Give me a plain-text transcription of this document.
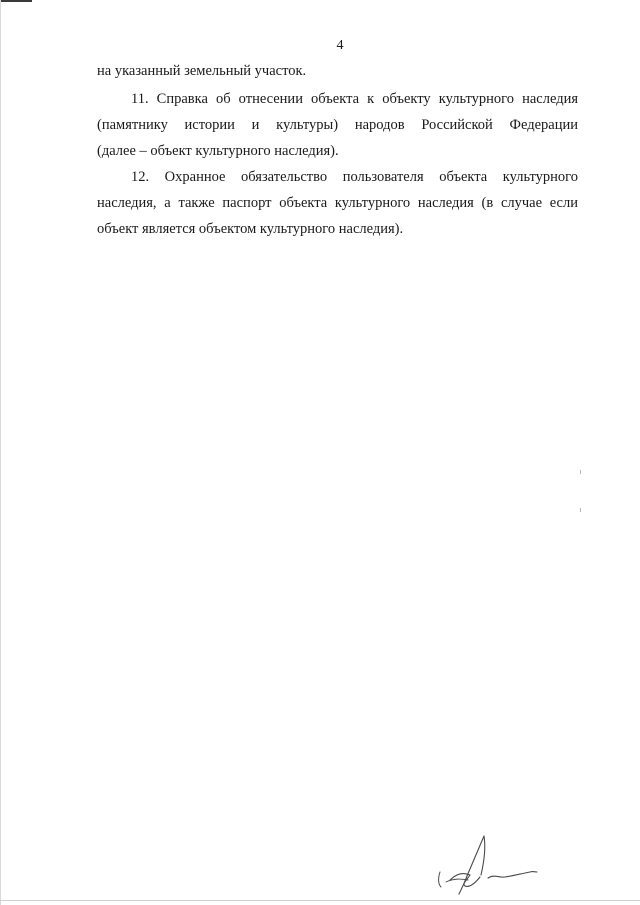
4
на указанный земельный участок.
11. Справка об отнесении объекта к объекту культурного наследия
(памятнику истории и культуры) народов Российской Федерации
(далее – объект культурного наследия).
12. Охранное обязательство пользователя объекта культурного
наследия, а также паспорт объекта культурного наследия (в случае если
объект является объектом культурного наследия).
